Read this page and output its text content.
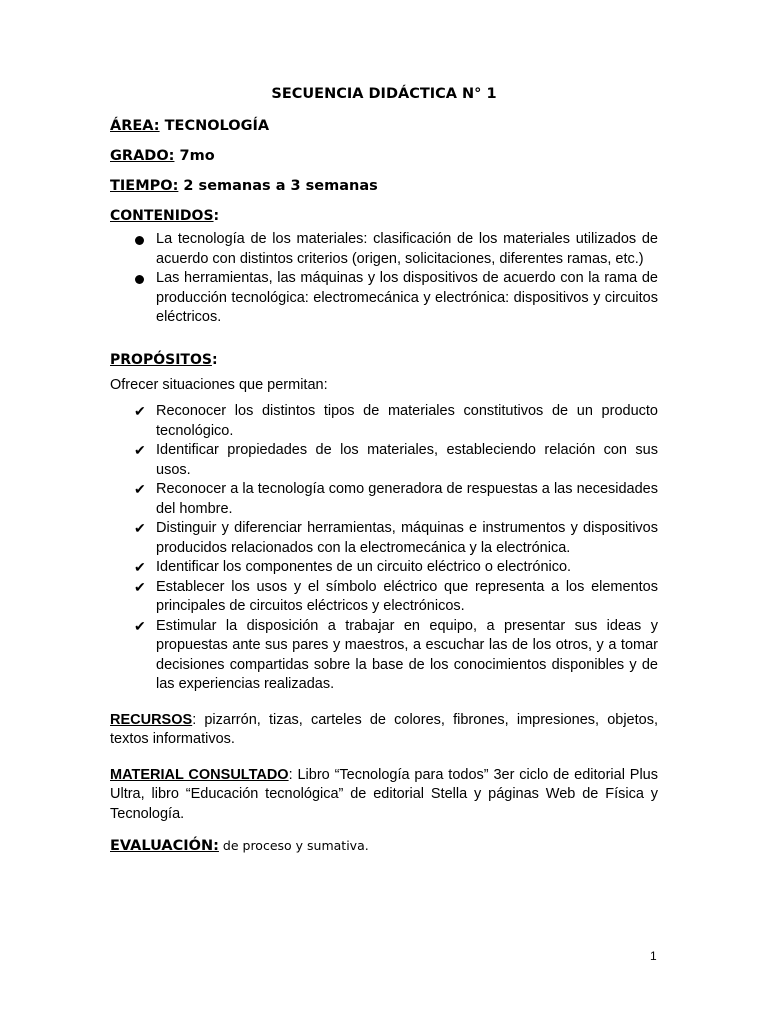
SECUENCIA DIDÁCTICA N° 1
ÁREA: TECNOLOGÍA
GRADO: 7mo
TIEMPO: 2 semanas a 3 semanas
CONTENIDOS:
La tecnología de los materiales: clasificación de los materiales utilizados de acuerdo con distintos criterios (origen, solicitaciones, diferentes ramas, etc.)
Las herramientas, las máquinas y los dispositivos de acuerdo con la rama de producción tecnológica: electromecánica y electrónica: dispositivos y circuitos eléctricos.
PROPÓSITOS:

Ofrecer situaciones que permitan:

✔ Reconocer los distintos tipos de materiales constitutivos de un producto tecnológico.
✔ Identificar propiedades de los materiales, estableciendo relación con sus usos.
✔ Reconocer a la tecnología como generadora de respuestas a las necesidades del hombre.
✔ Distinguir y diferenciar herramientas, máquinas e instrumentos y dispositivos producidos relacionados con la electromecánica y la electrónica.
✔ Identificar los componentes de un circuito eléctrico o electrónico.
✔ Establecer los usos y el símbolo eléctrico que representa a los elementos principales de circuitos eléctricos y electrónicos.
✔ Estimular la disposición a trabajar en equipo, a presentar sus ideas y propuestas ante sus pares y maestros, a escuchar las de los otros, y a tomar decisiones compartidas sobre la base de los conocimientos disponibles y de las experiencias realizadas.

RECURSOS: pizarrón, tizas, carteles de colores, fibrones, impresiones, objetos, textos informativos.

MATERIAL CONSULTADO: Libro “Tecnología para todos” 3er ciclo de editorial Plus Ultra, libro “Educación tecnológica” de editorial Stella y páginas Web de Física y Tecnología.

EVALUACIÓN: de proceso y sumativa.
1
